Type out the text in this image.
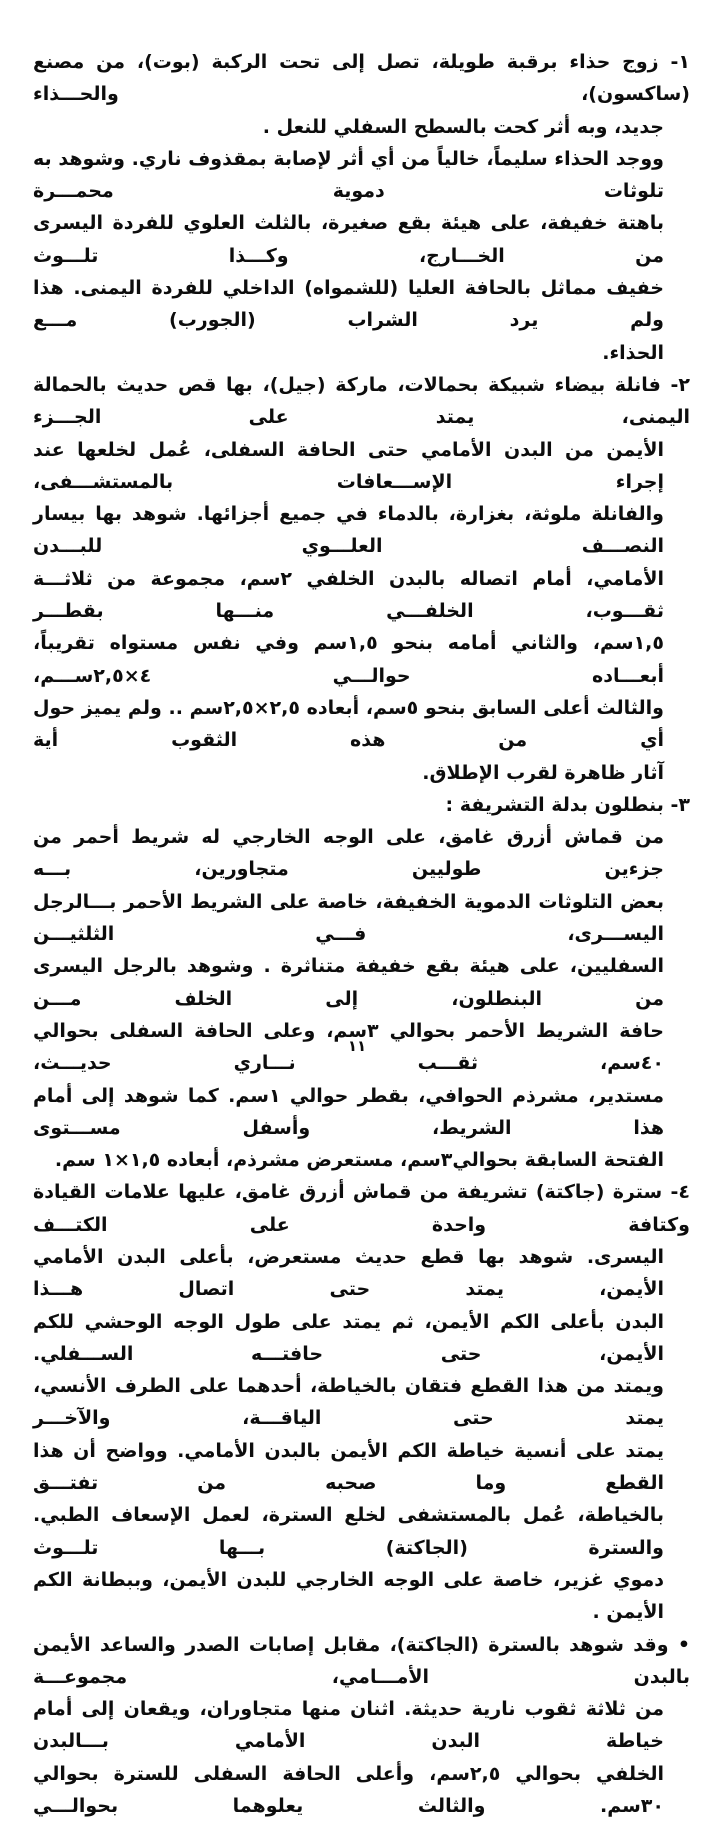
١- زوج حذاء برقبة طويلة، تصل إلى تحت الركبة (بوت)، من مصنع (ساكسون)، والحـــذاء
جديد، وبه أثر كحت بالسطح السفلي للنعل .
ووجد الحذاء سليماً، خالياً من أي أثر لإصابة بمقذوف ناري. وشوهد به تلوثات دموية محمـــرة
باهتة خفيفة، على هيئة بقع صغيرة، بالثلث العلوي للفردة اليسرى من الخـــارج، وكـــذا تلـــوث
خفيف مماثل بالحافة العليا (للشمواه) الداخلي للفردة اليمنى. هذا ولم يرد الشراب (الجورب) مـــع
الحذاء.
٢- فانلة بيضاء شبيكة بحمالات، ماركة (جيل)، بها قص حديث بالحمالة اليمنى، يمتد على الجـــزء
الأيمن من البدن الأمامي حتى الحافة السفلى، عُمل لخلعها عند إجراء الإســـعافات بالمستشـــفى،
والفانلة ملوثة، بغزارة، بالدماء في جميع أجزائها. شوهد بها بيسار النصـــف العلـــوي للبـــدن
الأمامي، أمام اتصاله بالبدن الخلفي ٢سم، مجموعة من ثلاثـــة ثقـــوب، الخلفـــي منـــها بقطـــر
١,٥سم، والثاني أمامه بنحو ١,٥سم وفي نفس مستواه تقريباً، أبعـــاده حوالـــي ٤×٢,٥ســـم،
والثالث أعلى السابق بنحو ٥سم، أبعاده ٢,٥×٢,٥سم .. ولم يميز حول أي من هذه الثقوب أية
آثار ظاهرة لقرب الإطلاق.
٣- بنطلون بدلة التشريفة :
من قماش أزرق غامق، على الوجه الخارجي له شريط أحمر من جزءين طوليين متجاورين، بـــه
بعض التلوثات الدموية الخفيفة، خاصة على الشريط الأحمر بـــالرجل اليســـرى، فـــي الثلثيـــن
السفليين، على هيئة بقع خفيفة متناثرة . وشوهد بالرجل اليسرى من البنطلون، إلى الخلف مـــن
حافة الشريط الأحمر بحوالي ٣سم، وعلى الحافة السفلى بحوالي ٤٠سم، ثقـــب نـــاري حديـــث،
مستدير، مشرذم الحوافي، بقطر حوالي ١سم. كما شوهد إلى أمام هذا الشريط، وأسفل مســـتوى
الفتحة السابقة بحوالي٣سم، مستعرض مشرذم، أبعاده ١,٥×١ سم.
٤- سترة (جاكتة) تشريفة من قماش أزرق غامق، عليها علامات القيادة وكتافة واحدة على الكتـــف
اليسرى. شوهد بها قطع حديث مستعرض، بأعلى البدن الأمامي الأيمن، يمتد حتى اتصال هـــذا
البدن بأعلى الكم الأيمن، ثم يمتد على طول الوجه الوحشي للكم الأيمن، حتى حافتـــه الســـفلي.
ويمتد من هذا القطع فتقان بالخياطة، أحدهما على الطرف الأنسي، يمتد حتى الياقـــة، والآخـــر
يمتد على أنسية خياطة الكم الأيمن بالبدن الأمامي. وواضح أن هذا القطع وما صحبه من تفتـــق
بالخياطة، عُمل بالمستشفى لخلع السترة، لعمل الإسعاف الطبي. والسترة (الجاكتة) بـــها تلـــوث
دموي غزير، خاصة على الوجه الخارجي للبدن الأيمن، وببطانة الكم الأيمن .
• وقد شوهد بالسترة (الجاكتة)، مقابل إصابات الصدر والساعد الأيمن بالبدن الأمـــامي، مجموعـــة
من ثلاثة ثقوب نارية حديثة. اثنان منها متجاوران، ويقعان إلى أمام خياطة البدن الأمامي بـــالبدن
الخلفي بحوالي ٢,٥سم، وأعلى الحافة السفلى للسترة بحوالي ٣٠سم. والثالث يعلوهما بحوالـــي
١١
